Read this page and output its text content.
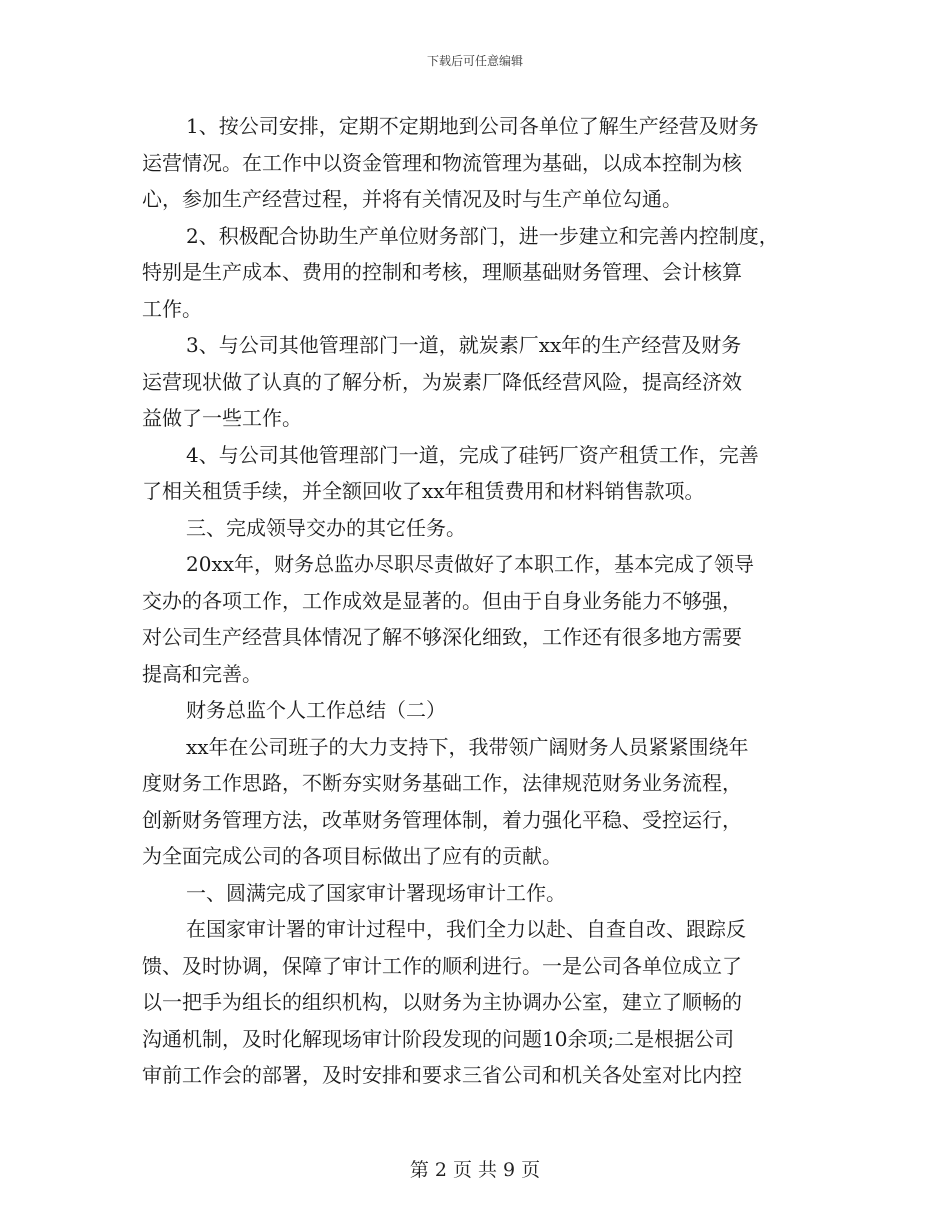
下载后可任意编辑
1、按公司安排，定期不定期地到公司各单位了解生产经营及财务
运营情况。在工作中以资金管理和物流管理为基础，以成本控制为核
心，参加生产经营过程，并将有关情况及时与生产单位勾通。
2、积极配合协助生产单位财务部门，进一步建立和完善内控制度，
特别是生产成本、费用的控制和考核，理顺基础财务管理、会计核算
工作。
3、与公司其他管理部门一道，就炭素厂xx年的生产经营及财务
运营现状做了认真的了解分析，为炭素厂降低经营风险，提高经济效
益做了一些工作。
4、与公司其他管理部门一道，完成了硅钙厂资产租赁工作，完善
了相关租赁手续，并全额回收了xx年租赁费用和材料销售款项。
三、完成领导交办的其它任务。
20xx年，财务总监办尽职尽责做好了本职工作，基本完成了领导
交办的各项工作，工作成效是显著的。但由于自身业务能力不够强，
对公司生产经营具体情况了解不够深化细致，工作还有很多地方需要
提高和完善。
财务总监个人工作总结（二）
xx年在公司班子的大力支持下，我带领广阔财务人员紧紧围绕年
度财务工作思路，不断夯实财务基础工作，法律规范财务业务流程，
创新财务管理方法，改革财务管理体制，着力强化平稳、受控运行，
为全面完成公司的各项目标做出了应有的贡献。
一、圆满完成了国家审计署现场审计工作。
在国家审计署的审计过程中，我们全力以赴、自查自改、跟踪反
馈、及时协调，保障了审计工作的顺利进行。一是公司各单位成立了
以一把手为组长的组织机构，以财务为主协调办公室，建立了顺畅的
沟通机制，及时化解现场审计阶段发现的问题10余项;二是根据公司
审前工作会的部署，及时安排和要求三省公司和机关各处室对比内控
第 2 页 共 9 页
